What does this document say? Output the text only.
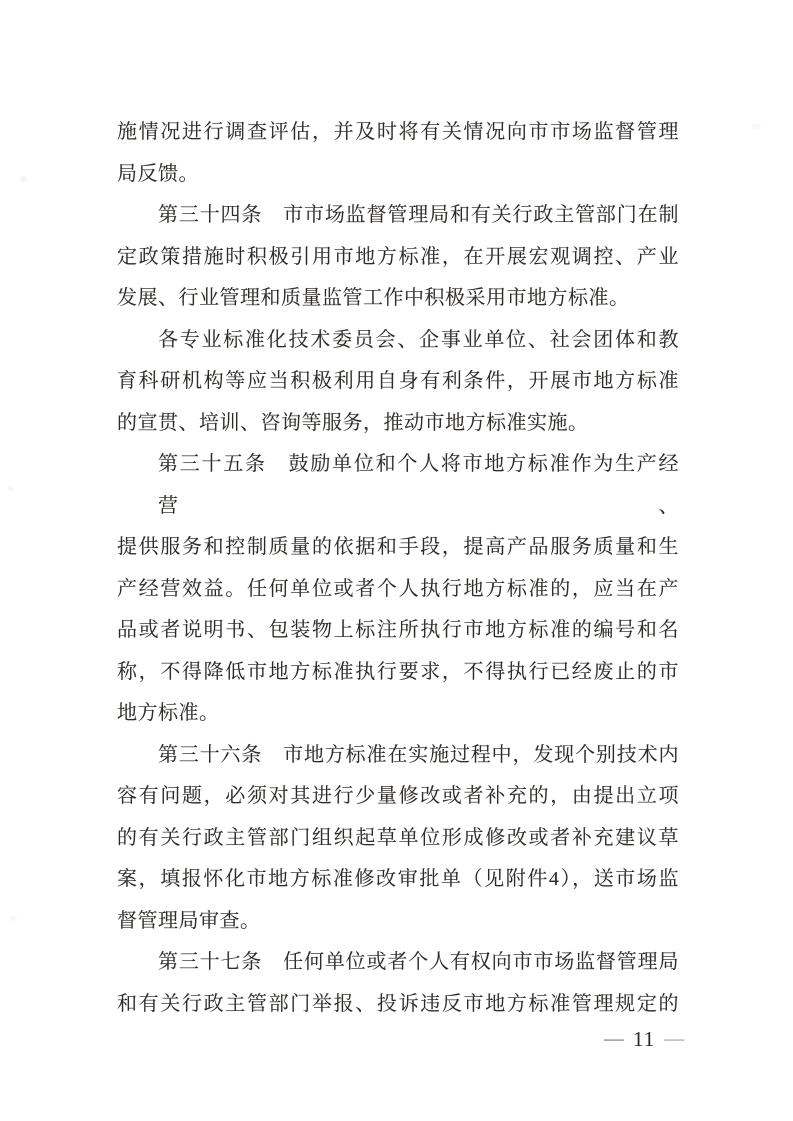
施情况进行调查评估，并及时将有关情况向市市场监督管理
局反馈。
第三十四条　市市场监督管理局和有关行政主管部门在制
定政策措施时积极引用市地方标准，在开展宏观调控、产业
发展、行业管理和质量监管工作中积极采用市地方标准。
各专业标准化技术委员会、企事业单位、社会团体和教
育科研机构等应当积极利用自身有利条件，开展市地方标准
的宣贯、培训、咨询等服务，推动市地方标准实施。
第三十五条　鼓励单位和个人将市地方标准作为生产经营、
提供服务和控制质量的依据和手段，提高产品服务质量和生
产经营效益。任何单位或者个人执行地方标准的，应当在产
品或者说明书、包装物上标注所执行市地方标准的编号和名
称，不得降低市地方标准执行要求，不得执行已经废止的市
地方标准。
第三十六条　市地方标准在实施过程中，发现个别技术内
容有问题，必须对其进行少量修改或者补充的，由提出立项
的有关行政主管部门组织起草单位形成修改或者补充建议草
案，填报怀化市地方标准修改审批单（见附件4），送市场监
督管理局审查。
第三十七条　任何单位或者个人有权向市市场监督管理局
和有关行政主管部门举报、投诉违反市地方标准管理规定的
— 11 —
